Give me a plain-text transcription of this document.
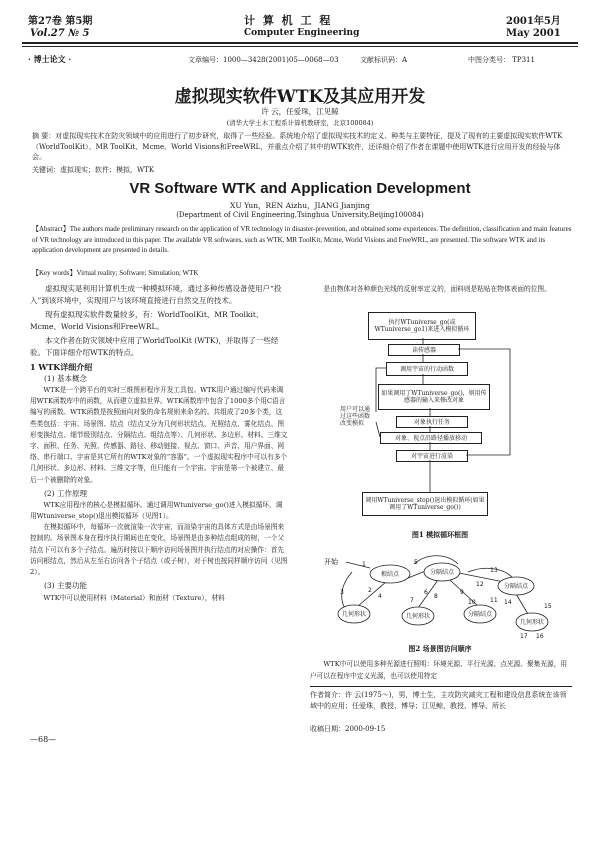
第27卷 第5期	计 算 机 工 程	2001年5月
Vol.27 № 5	Computer Engineering	May 2001
· 博士论文 ·	文章编号：1000—3428(2001)05—0068—03	文献标识码：A	中图分类号： TP311
虚拟现实软件WTK及其应用开发
许 云，任爱珠，江见鲸
(清华大学土木工程系计算机教研室，北京100084)
摘 要：对虚拟现实技术在防灾领域中的应用进行了初步研究，取得了一些经验。系统地介绍了虚拟现实技术的定义、种类与主要特征，提及了现有的主要虚拟现实软件WTK（WorldToolKit）、MR ToolKit、Mcme、World Visions和FreeWRL，并重点介绍了其中的WTK软件，还详细介绍了作者在课题中使用WTK进行应用开发的经验与体会。
关键词：虚拟现实；软件；模拟，WTK
VR Software WTK and Application Development
XU Yun，REN Aizhu，JIANG Jianjing
(Department of Civil Engineering,Tsinghua University,Beijing100084)
【Abstract】The authors made preliminary research on the application of VR technology in disaster-prevention, and obtained some experiences. The definition, classification and main features of VR technology are introduced in this paper. The available VR softwares, such as WTK, MR ToolKit, Mcme, World Visions and FreeWRL, are presented. The software WTK and its application development are presented in details.
【Key words】Virtual reality; Software; Simulation; WTK

虚拟现实是利用计算机生成一种模拟环境，通过多种传感设备使用户“投入”到该环境中，实现用户与该环境直接进行自然交互的技术。

现有虚拟现实软件数量较多，有：WorldToolKit、MR Toolkit、Mcme、World Visions和FreeWRL。

本文作者在防灾领域中应用了WorldToolKit (WTK)，并取得了一些经验。下面详细介绍WTK的特点。

1 WTK详细介绍
(1) 基本概念

WTK是一个跨平台的实时三维图形程序开发工具包。WTK用户通过编写代码来调用WTK函数库中的函数，从而建立虚拟世界。WTK函数库中包含了1000多个用C语言编写的函数。WTK函数是按照面向对象的命名规则来命名的。共组成了20多个类，这些类包括：宇宙、场景图、结点（结点又分为几何形状结点、光照结点、雾化结点、图形变换结点、细节级别结点、分隔结点、组结点等）、几何形状、多边形、材料、三维文字、面积、任务、光照、传感器、路径、移动链接、视点、窗口、声音、用户界面、网络、串行端口、宇宙是其它所有的WTK对象的“容器”。一个虚拟现实程序中可以有多个几何形状、多边形、材料、三维文字等，但只能有一个宇宙。宇宙是第一个被建立、最后一个被删除的对象。

(2) 工作原理

WTK应用程序的核心是模拟循环。通过调用Wtuniverse_go()进入模拟循环，调用Wtuniverse_stop()退出模拟循环（见图1）。

在模拟循环中，每循环一次就渲染一次宇宙，而渲染宇宙的具体方式是由场景图来控制的。场景图本身在程序执行期间也在变化，场景图是由多种结点组成的树，一个父结点下可以有多个子结点。遍历时按以下顺序访问场景图并执行结点的对应操作：首先访问根结点，然后从左至右访问各个子结点（或子树），对于树也按同样顺序访问（见图2）。

(3) 主要功能

WTK中可以使用材料（Material）和面材（Texture），材料

—68—

是由物体对各种颜色光线的反射率定义的，面料则是粘贴在物体表面的位图。

执行WTuniverse_go(或WTuniverse_go1)来进入模拟循环
读传感器
调用宇宙的行动函数
用户可以通过这些函数改变模拟
如果调用了WTuniverse_go()，则用传感器的输入来修改对象
对象执行任务
对象、视点沿路径播放移动
对宇宙进行渲染
调用WTuniverse_stop()退出模拟循环(如果调用了WTuniverse_go())
图1 模拟循环框图
开始
根结点	分隔结点
分隔结点
几何形状	几何形状	分隔结点
几何形状
1
2
3
4
5
6
7
8
9
10 11
12
13
14
15
16
17
图2 场景图访问顺序

WTK中可以使用多种光源进行照明：环境光源、平行光源、点光源、聚集光源，用户可以在程序中定义光源，也可以使用特定

作者简介：许 云(1975～)，男，博士生，主攻防灾减灾工程和建设信息系统在该领域中的应用；任爱珠，教授、博导；江见鲸，教授、博导、所长
收稿日期：2000-09-15
